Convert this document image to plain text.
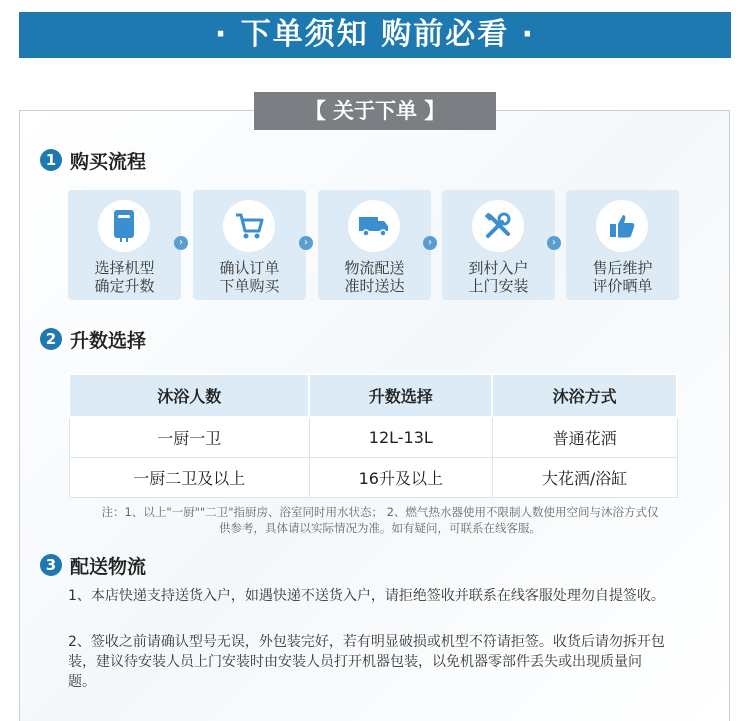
· 下单须知 购前必看 ·
【 关于下单 】
1 购买流程
选择机型
确定升数
›
确认订单
下单购买
›
物流配送
准时送达
›
到村入户
上门安装
›
售后维护
评价晒单
2 升数选择
沐浴人数	升数选择	沐浴方式
一厨一卫	12L-13L	普通花洒
一厨二卫及以上	16升及以上	大花洒/浴缸
注：1、以上"一厨""二卫"指厨房、浴室同时用水状态； 2、燃气热水器使用不限制人数使用空间与沐浴方式仅供参考，具体请以实际情况为准。如有疑问，可联系在线客服。
3 配送物流
1、本店快递支持送货入户，如遇快递不送货入户，请拒绝签收并联系在线客服处理勿自提签收。
2、签收之前请确认型号无误，外包装完好，若有明显破损或机型不符请拒签。收货后请勿拆开包装，建议待安装人员上门安装时由安装人员打开机器包装，以免机器零部件丢失或出现质量问题。
